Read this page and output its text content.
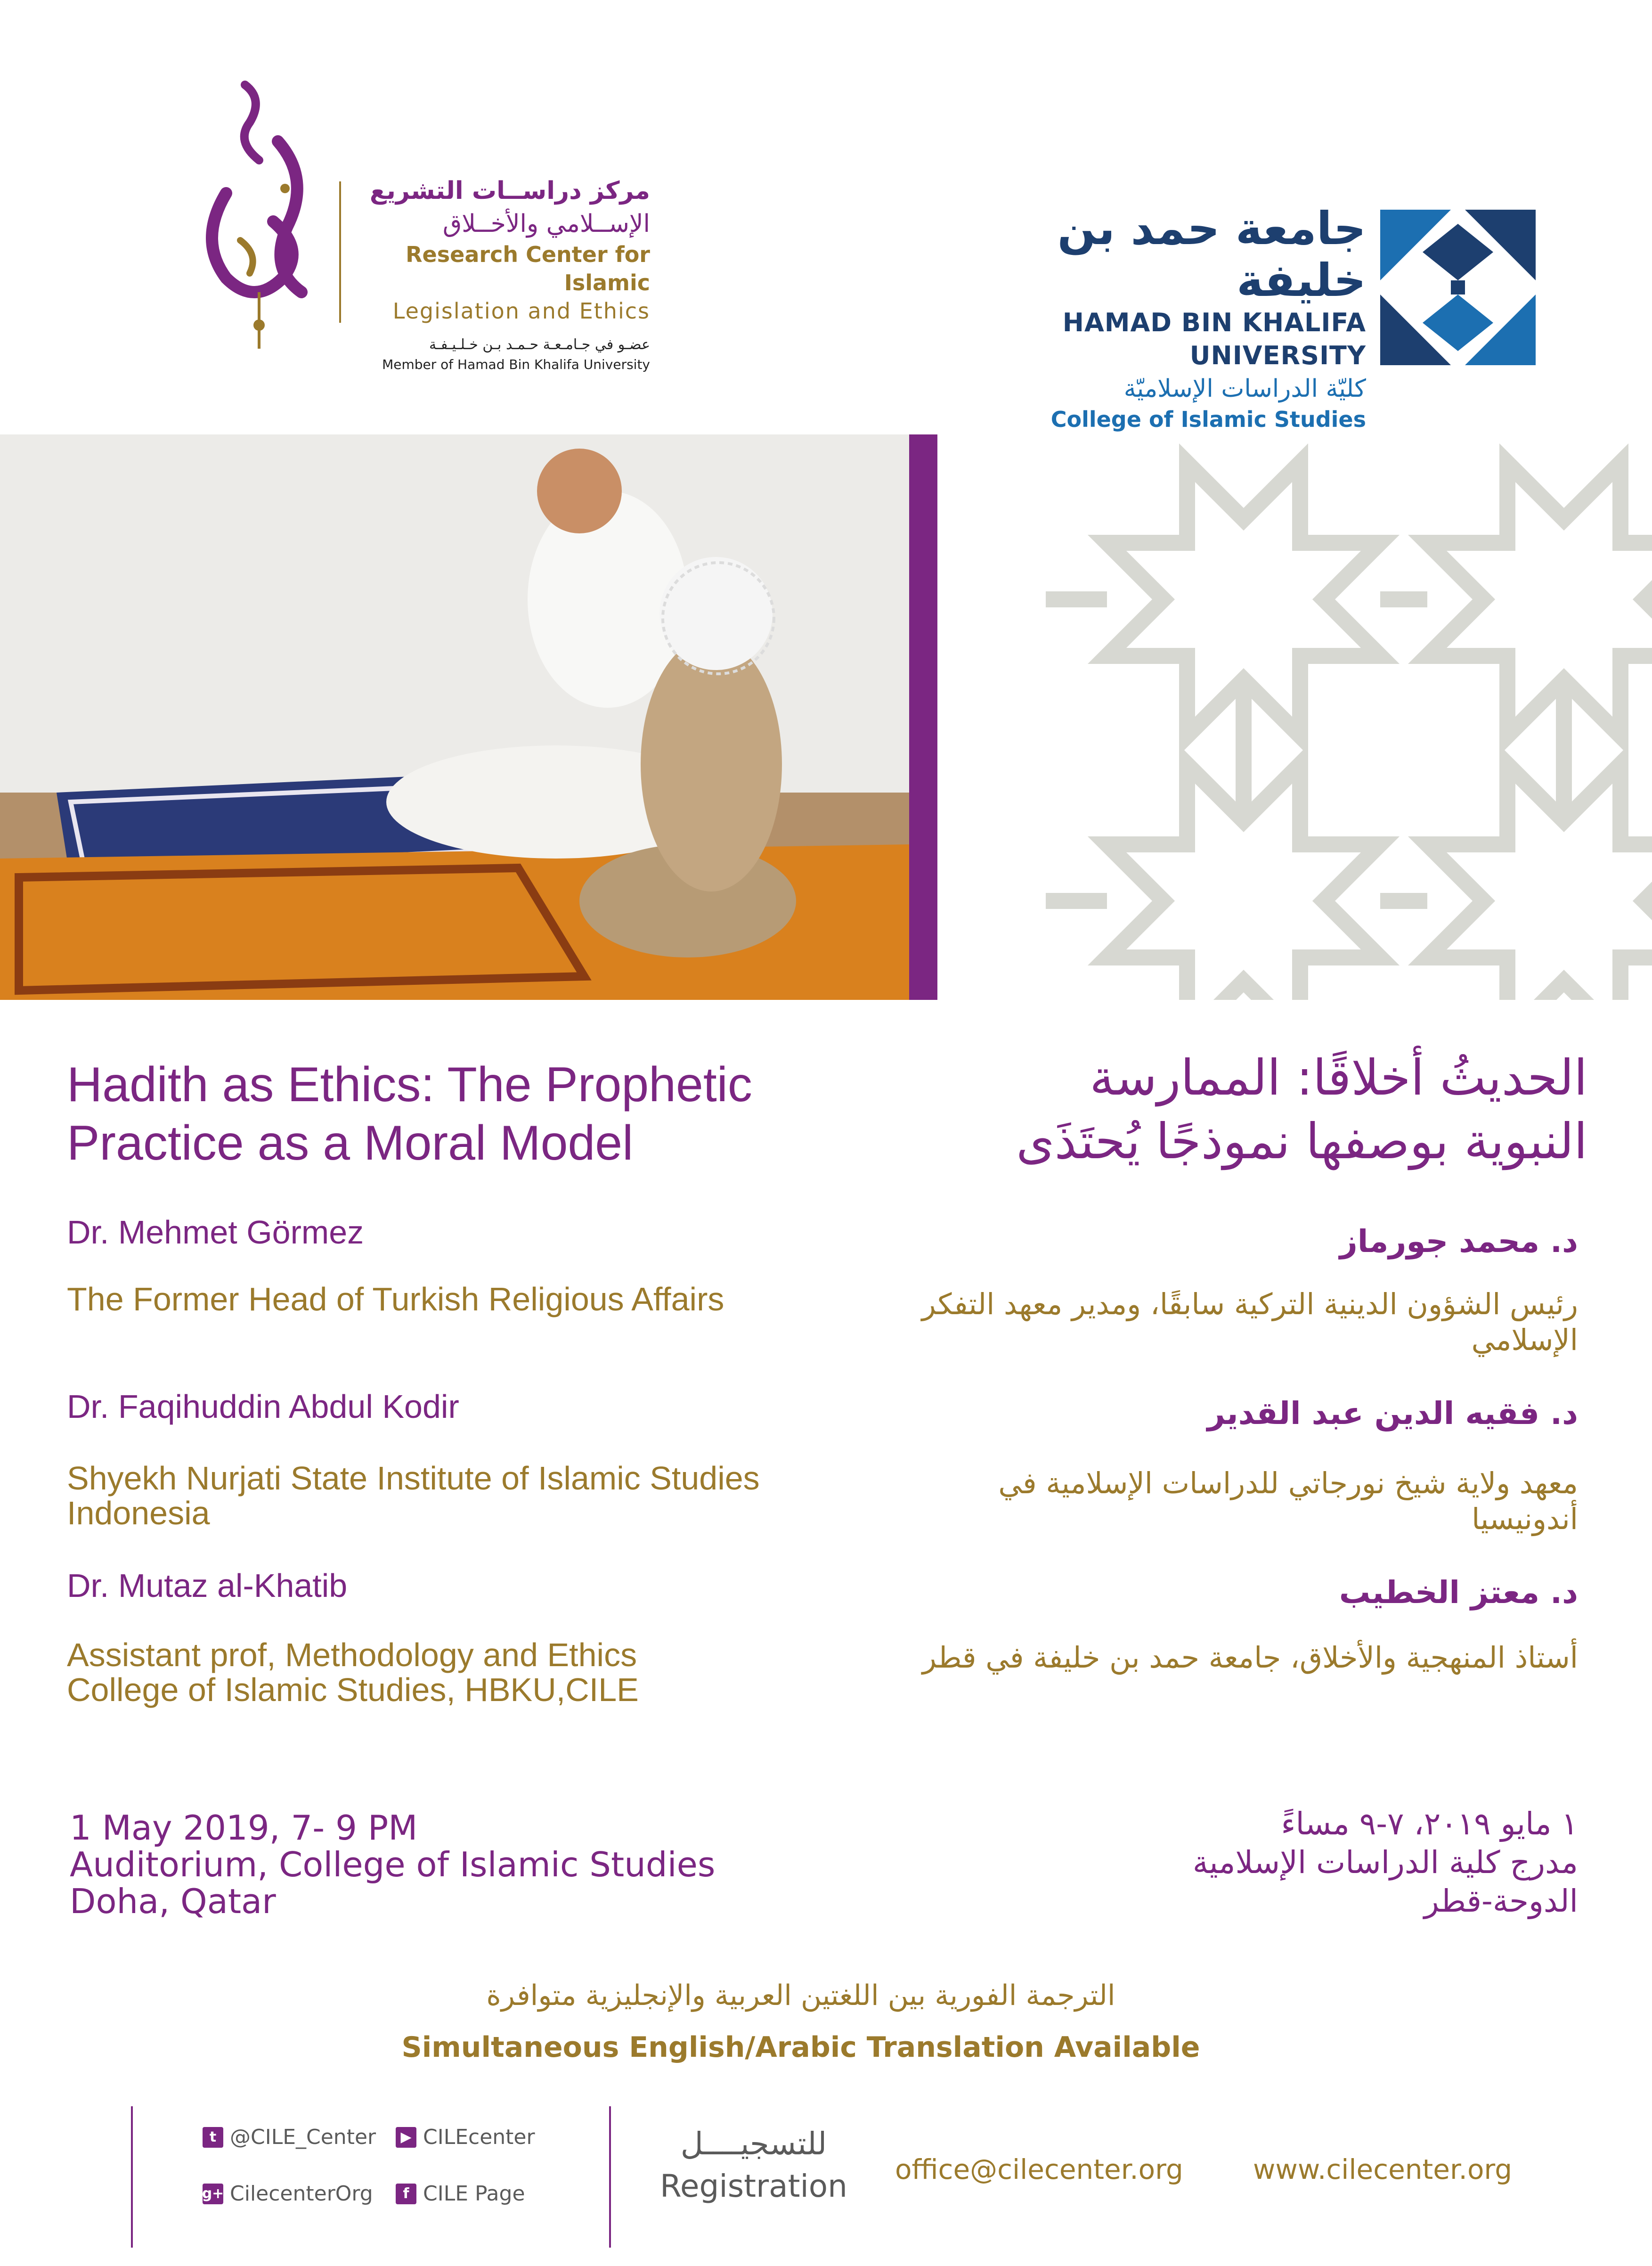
مركز دراســات التشريع
الإســلامي والأخــلاق
Research Center for Islamic
Legislation and Ethics
عضـو في جـامـعـة حـمـد بـن خـلـيـفـة
Member of Hamad Bin Khalifa University
جامعة حمد بن خليفة
HAMAD BIN KHALIFA UNIVERSITY
كليّة الدراسات الإسلاميّة
College of Islamic Studies
Hadith as Ethics: The Prophetic
Practice as a Moral Model
الحديثُ أخلاقًا: الممارسة
النبوية بوصفها نموذجًا يُحتَذَى
Dr. Mehmet Görmez
The Former Head of Turkish Religious Affairs
Dr. Faqihuddin Abdul Kodir
Shyekh Nurjati State Institute of Islamic Studies Indonesia
Dr. Mutaz al-Khatib
Assistant prof, Methodology and Ethics
College of Islamic Studies, HBKU,CILE
د. محمد جورماز
رئيس الشؤون الدينية التركية سابقًا، ومدير معهد التفكر الإسلامي
د. فقيه الدين عبد القدير
معهد ولاية شيخ نورجاتي للدراسات الإسلامية في أندونيسيا
د. معتز الخطيب
أستاذ المنهجية والأخلاق، جامعة حمد بن خليفة في قطر
1 May 2019, 7- 9 PM
Auditorium, College of Islamic Studies
Doha, Qatar
١ مايو ٢٠١٩، ٧-٩ مساءً
مدرج كلية الدراسات الإسلامية
الدوحة-قطر
الترجمة الفورية بين اللغتين العربية والإنجليزية متوافرة
Simultaneous English/Arabic Translation Available
t @CILE_Center	▶ CILEcenter
g+ CilecenterOrg	f CILE Page
للتسجيــــل
Registration office@cilecenter.org	www.cilecenter.org
